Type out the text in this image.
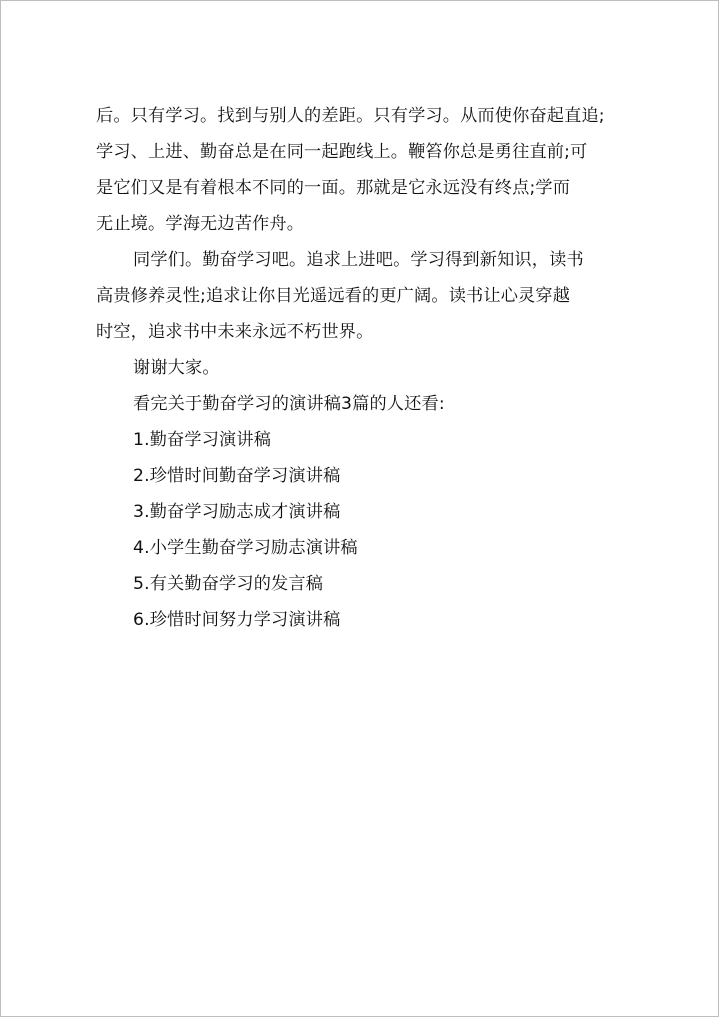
后。只有学习。找到与别人的差距。只有学习。从而使你奋起直追;
学习、上进、勤奋总是在同一起跑线上。鞭笞你总是勇往直前;可
是它们又是有着根本不同的一面。那就是它永远没有终点;学而
无止境。学海无边苦作舟。
同学们。勤奋学习吧。追求上进吧。学习得到新知识，读书
高贵修养灵性;追求让你目光遥远看的更广阔。读书让心灵穿越
时空，追求书中未来永远不朽世界。
谢谢大家。
看完关于勤奋学习的演讲稿3篇的人还看:
1.勤奋学习演讲稿
2.珍惜时间勤奋学习演讲稿
3.勤奋学习励志成才演讲稿
4.小学生勤奋学习励志演讲稿
5.有关勤奋学习的发言稿
6.珍惜时间努力学习演讲稿
